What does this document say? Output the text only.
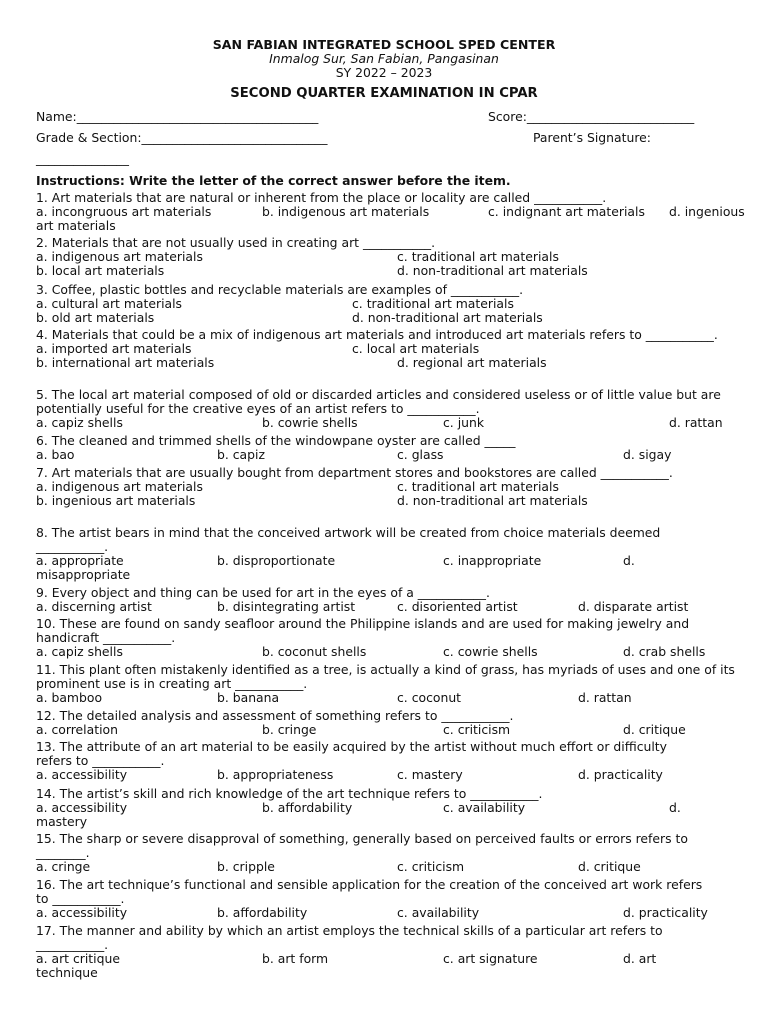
SAN FABIAN INTEGRATED SCHOOL SPED CENTER
Inmalog Sur, San Fabian, Pangasinan
SY 2022 – 2023
SECOND QUARTER EXAMINATION IN CPAR
Name:_______________________________________	Score:___________________________
Grade & Section:______________________________	Parent’s Signature:
_______________
Instructions: Write the letter of the correct answer before the item.
1. Art materials that are natural or inherent from the place or locality are called ___________.
a. incongruous art materials	b. indigenous art materials	c. indignant art materials d. ingenious
art materials
2. Materials that are not usually used in creating art ___________.
a. indigenous art materials	c. traditional art materials
b. local art materials	d. non-traditional art materials
3. Coffee, plastic bottles and recyclable materials are examples of ___________.
a. cultural art materials	c. traditional art materials
b. old art materials	d. non-traditional art materials
4. Materials that could be a mix of indigenous art materials and introduced art materials refers to ___________.
a. imported art materials	c. local art materials
b. international art materials	d. regional art materials
5. The local art material composed of old or discarded articles and considered useless or of little value but are potentially useful for the creative eyes of an artist refers to ___________.
a. capiz shells	b. cowrie shells	c. junk	d. rattan
6. The cleaned and trimmed shells of the windowpane oyster are called _____
a. bao	b. capiz	c. glass	d. sigay
7. Art materials that are usually bought from department stores and bookstores are called ___________.
a. indigenous art materials	c. traditional art materials
b. ingenious art materials	d. non-traditional art materials
8. The artist bears in mind that the conceived artwork will be created from choice materials deemed ___________.
a. appropriate	b. disproportionate	c. inappropriate	d.
misappropriate
9. Every object and thing can be used for art in the eyes of a ___________.
a. discerning artist	b. disintegrating artist	c. disoriented artist	d. disparate artist
10. These are found on sandy seafloor around the Philippine islands and are used for making jewelry and handicraft ___________.
a. capiz shells	b. coconut shells	c. cowrie shells	d. crab shells
11. This plant often mistakenly identified as a tree, is actually a kind of grass, has myriads of uses and one of its prominent use is in creating art ___________.
a. bamboo	b. banana	c. coconut	d. rattan
12. The detailed analysis and assessment of something refers to ___________.
a. correlation	b. cringe	c. criticism	d. critique
13. The attribute of an art material to be easily acquired by the artist without much effort or difficulty refers to ___________.
a. accessibility	b. appropriateness	c. mastery	d. practicality
14. The artist’s skill and rich knowledge of the art technique refers to ___________.
a. accessibility	b. affordability	c. availability	d.
mastery
15. The sharp or severe disapproval of something, generally based on perceived faults or errors refers to ________.
a. cringe	b. cripple	c. criticism	d. critique
16. The art technique’s functional and sensible application for the creation of the conceived art work refers to ___________.
a. accessibility	b. affordability	c. availability	d. practicality
17. The manner and ability by which an artist employs the technical skills of a particular art refers to ___________.
a. art critique	b. art form	c. art signature	d. art
technique
